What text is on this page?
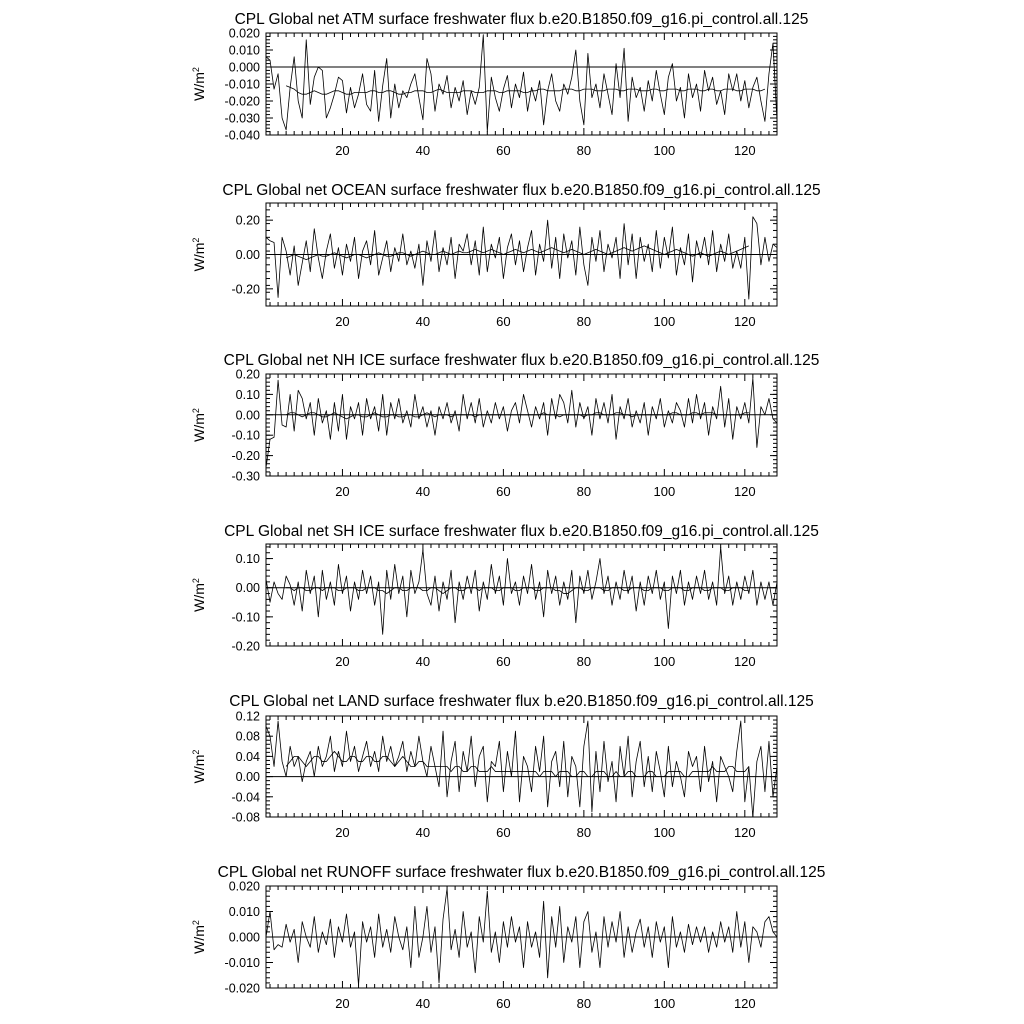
CPL Global net ATM surface freshwater flux b.e20.B1850.f09_g16.pi_control.all.125
20	40	60	80	100	120
-0.040
-0.030
-0.020
-0.010
0.000
0.010
0.020
$W/m^2$
CPL Global net OCEAN surface freshwater flux b.e20.B1850.f09_g16.pi_control.all.125
20	40	60	80	100	120
-0.20
0.00
0.20
$W/m^2$
CPL Global net NH ICE surface freshwater flux b.e20.B1850.f09_g16.pi_control.all.125
20	40	60	80	100	120
-0.30
-0.20
-0.10
0.00
0.10
0.20
$W/m^2$
CPL Global net SH ICE surface freshwater flux b.e20.B1850.f09_g16.pi_control.all.125
20	40	60	80	100	120
-0.20
-0.10
0.00
0.10
$W/m^2$
CPL Global net LAND surface freshwater flux b.e20.B1850.f09_g16.pi_control.all.125
20	40	60	80	100	120
-0.08
-0.04
0.00
0.04
0.08
0.12
$W/m^2$
CPL Global net RUNOFF surface freshwater flux b.e20.B1850.f09_g16.pi_control.all.125
20	40	60	80	100	120
-0.020
-0.010
0.000
0.010
0.020
$W/m^2$
